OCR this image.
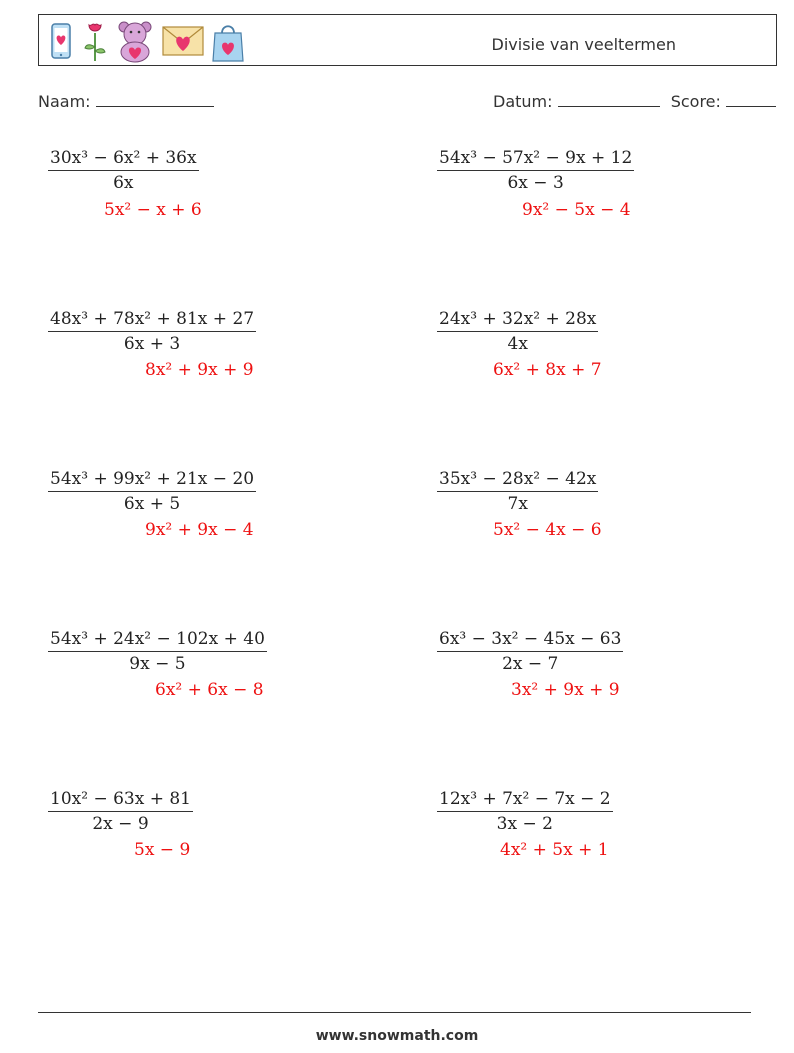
Divisie van veeltermen
Naam:	Datum:	Score:
$\frac{\text{30x³ − 6x² + 36x}}{6x}$
5x² − x + 6
$\frac{\text{54x³ − 57x² − 9x + 12}}{6x - 3}$
9x² − 5x − 4
$\frac{\text{48x³ + 78x² + 81x + 27}}{6x + 3}$
8x² + 9x + 9
$\frac{\text{24x³ + 32x² + 28x}}{4x}$
6x² + 8x + 7
$\frac{\text{54x³ + 99x² + 21x − 20}}{6x + 5}$
9x² + 9x − 4
$\frac{\text{35x³ − 28x² − 42x}}{7x}$
5x² − 4x − 6
$\frac{\text{54x³ + 24x² − 102x + 40}}{9x - 5}$
6x² + 6x − 8
$\frac{\text{6x³ − 3x² − 45x − 63}}{2x - 7}$
3x² + 9x + 9
$\frac{\text{10x² − 63x + 81}}{2x - 9}$
5x − 9
$\frac{\text{12x³ + 7x² − 7x − 2}}{3x - 2}$
4x² + 5x + 1
www.snowmath.com
